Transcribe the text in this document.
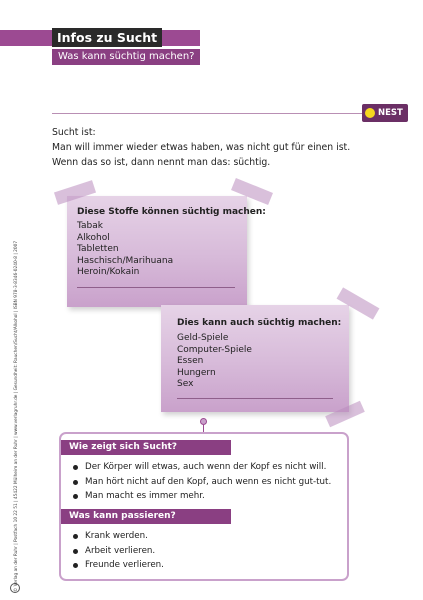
Infos zu Sucht
Was kann süchtig machen?
NEST
Sucht ist:
Man will immer wieder etwas haben, was nicht gut für einen ist.
Wenn das so ist, dann nennt man das: süchtig.
Diese Stoffe können süchtig machen:
Tabak
Alkohol
Tabletten
Haschisch/Marihuana
Heroin/Kokain
Dies kann auch süchtig machen:
Geld-Spiele
Computer-Spiele
Essen
Hungern
Sex
Wie zeigt sich Sucht?
Der Körper will etwas, auch wenn der Kopf es nicht will.
Man hört nicht auf den Kopf, auch wenn es nicht gut-tut.
Man macht es immer mehr.
Was kann passieren?
Krank werden.
Arbeit verlieren.
Freunde verlieren.
© Verlag an der Ruhr | Postfach 10 22 51 | 45422 Mülheim an der Ruhr | www.verlagruhr.de | Gesundheit: Rauchen/Sucht/Alkohol | ISBN 978-3-8346-0240-8 | 2007
